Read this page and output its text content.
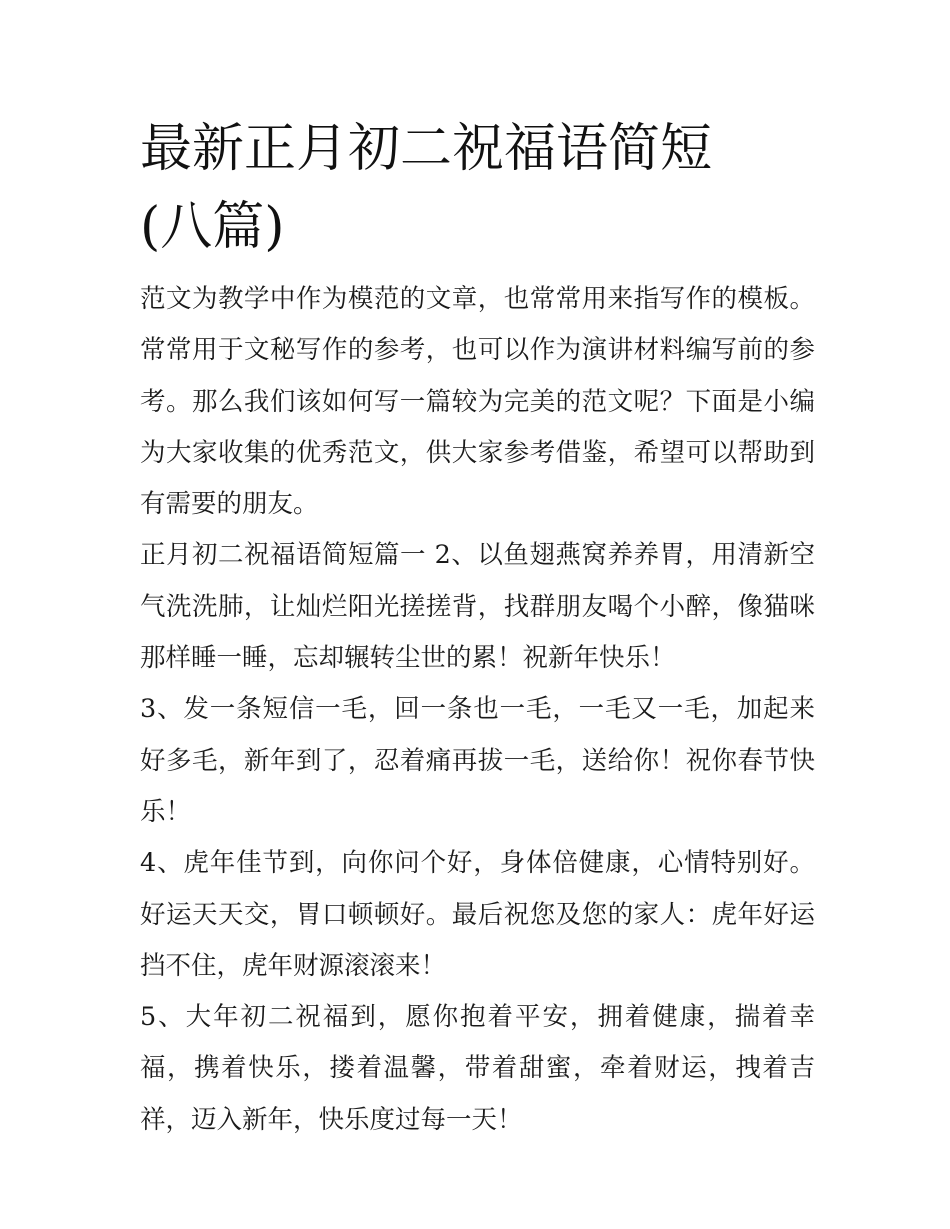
最新正月初二祝福语简短(八篇)

范文为教学中作为模范的文章，也常常用来指写作的模板。常常用于文秘写作的参考，也可以作为演讲材料编写前的参考。那么我们该如何写一篇较为完美的范文呢？下面是小编为大家收集的优秀范文，供大家参考借鉴，希望可以帮助到有需要的朋友。

正月初二祝福语简短篇一 2、以鱼翅燕窝养养胃，用清新空气洗洗肺，让灿烂阳光搓搓背，找群朋友喝个小醉，像猫咪那样睡一睡，忘却辗转尘世的累！祝新年快乐！

3、发一条短信一毛，回一条也一毛，一毛又一毛，加起来好多毛，新年到了，忍着痛再拔一毛，送给你！祝你春节快乐！

4、虎年佳节到，向你问个好，身体倍健康，心情特别好。好运天天交，胃口顿顿好。最后祝您及您的家人：虎年好运挡不住，虎年财源滚滚来！

5、大年初二祝福到，愿你抱着平安，拥着健康，揣着幸福，携着快乐，搂着温馨，带着甜蜜，牵着财运，拽着吉祥，迈入新年，快乐度过每一天！
